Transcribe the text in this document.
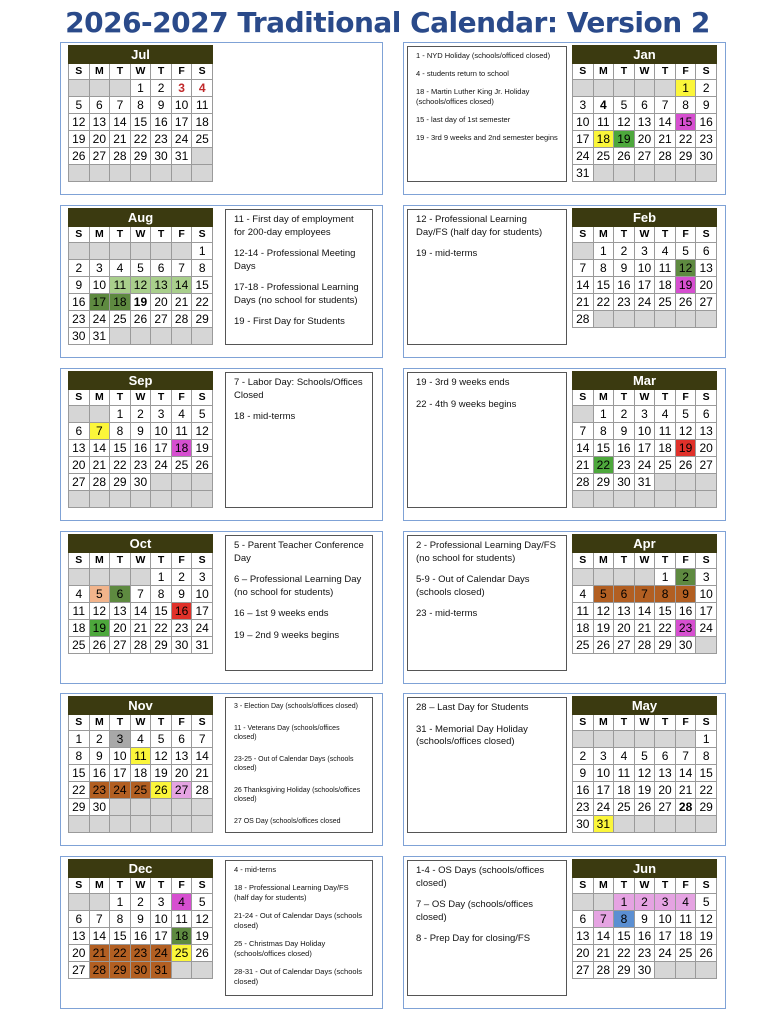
2026-2027 Traditional Calendar: Version 2
Jul						
S	M	T	W	T	F	S
			1	2	3	4
5	6	7	8	9	10	11
12	13	14	15	16	17	18
19	20	21	22	23	24	25
26	27	28	29	30	31	

Jan						
S	M	T	W	T	F	S
					1	2
3	4	5	6	7	8	9
10	11	12	13	14	15	16
17	18	19	20	21	22	23
24	25	26	27	28	29	30
31						

1 - NYD Holiday (schools/officed closed)

4 - students return to school

18 - Martin Luther King Jr. Holiday (schools/offices closed)

15 - last day of 1st semester

19 - 3rd 9 weeks and 2nd semester begins

Aug						
S	M	T	W	T	F	S
						1
2	3	4	5	6	7	8
9	10	11	12	13	14	15
16	17	18	19	20	21	22
23	24	25	26	27	28	29
30	31					

11 - First day of employment for 200-day employees

12-14 - Professional Meeting Days

17-18 - Professional Learning Days (no school for students)

19 - First Day for Students

Feb						
S	M	T	W	T	F	S
	1	2	3	4	5	6
7	8	9	10	11	12	13
14	15	16	17	18	19	20
21	22	23	24	25	26	27
28						

12 - Professional Learning Day/FS (half day for students)

19 - mid-terms

Sep						
S	M	T	W	T	F	S
		1	2	3	4	5
6	7	8	9	10	11	12
13	14	15	16	17	18	19
20	21	22	23	24	25	26
27	28	29	30			

7 - Labor Day: Schools/Offices Closed

18 - mid-terms

Mar						
S	M	T	W	T	F	S
	1	2	3	4	5	6
7	8	9	10	11	12	13
14	15	16	17	18	19	20
21	22	23	24	25	26	27
28	29	30	31			

19 - 3rd 9 weeks ends

22 - 4th 9 weeks begins

Oct						
S	M	T	W	T	F	S
				1	2	3
4	5	6	7	8	9	10
11	12	13	14	15	16	17
18	19	20	21	22	23	24
25	26	27	28	29	30	31

5 - Parent Teacher Conference Day

6 – Professional Learning Day (no school for students)

16 – 1st 9 weeks ends

19 – 2nd 9 weeks begins

Apr						
S	M	T	W	T	F	S
				1	2	3
4	5	6	7	8	9	10
11	12	13	14	15	16	17
18	19	20	21	22	23	24
25	26	27	28	29	30	

2 - Professional Learning Day/FS (no school for students)

5-9 - Out of Calendar Days (schools closed)

23 - mid-terms

Nov						
S	M	T	W	T	F	S
1	2	3	4	5	6	7
8	9	10	11	12	13	14
15	16	17	18	19	20	21
22	23	24	25	26	27	28
29	30					

3 - Election Day (schools/offices closed)

11 - Veterans Day (schools/offices closed)

23-25 - Out of Calendar Days (schools closed)

26 Thanksgiving Holiday (schools/offices closed)

27 OS Day (schools/offices closed

May						
S	M	T	W	T	F	S
						1
2	3	4	5	6	7	8
9	10	11	12	13	14	15
16	17	18	19	20	21	22
23	24	25	26	27	28	29
30	31					

28 – Last Day for Students

31 - Memorial Day Holiday (schools/offices closed)

Dec						
S	M	T	W	T	F	S
		1	2	3	4	5
6	7	8	9	10	11	12
13	14	15	16	17	18	19
20	21	22	23	24	25	26
27	28	29	30	31		

4 - mid-terns

18 - Professional Learning Day/FS (half day for students)

21-24 - Out of Calendar Days (schools closed)

25 - Christmas Day Holiday (schools/offices closed)

28-31 - Out of Calendar Days (schools closed)

Jun						
S	M	T	W	T	F	S
		1	2	3	4	5
6	7	8	9	10	11	12
13	14	15	16	17	18	19
20	21	22	23	24	25	26
27	28	29	30			

1-4 - OS Days (schools/offices closed)

7 – OS Day (schools/offices closed)

8 - Prep Day for closing/FS
